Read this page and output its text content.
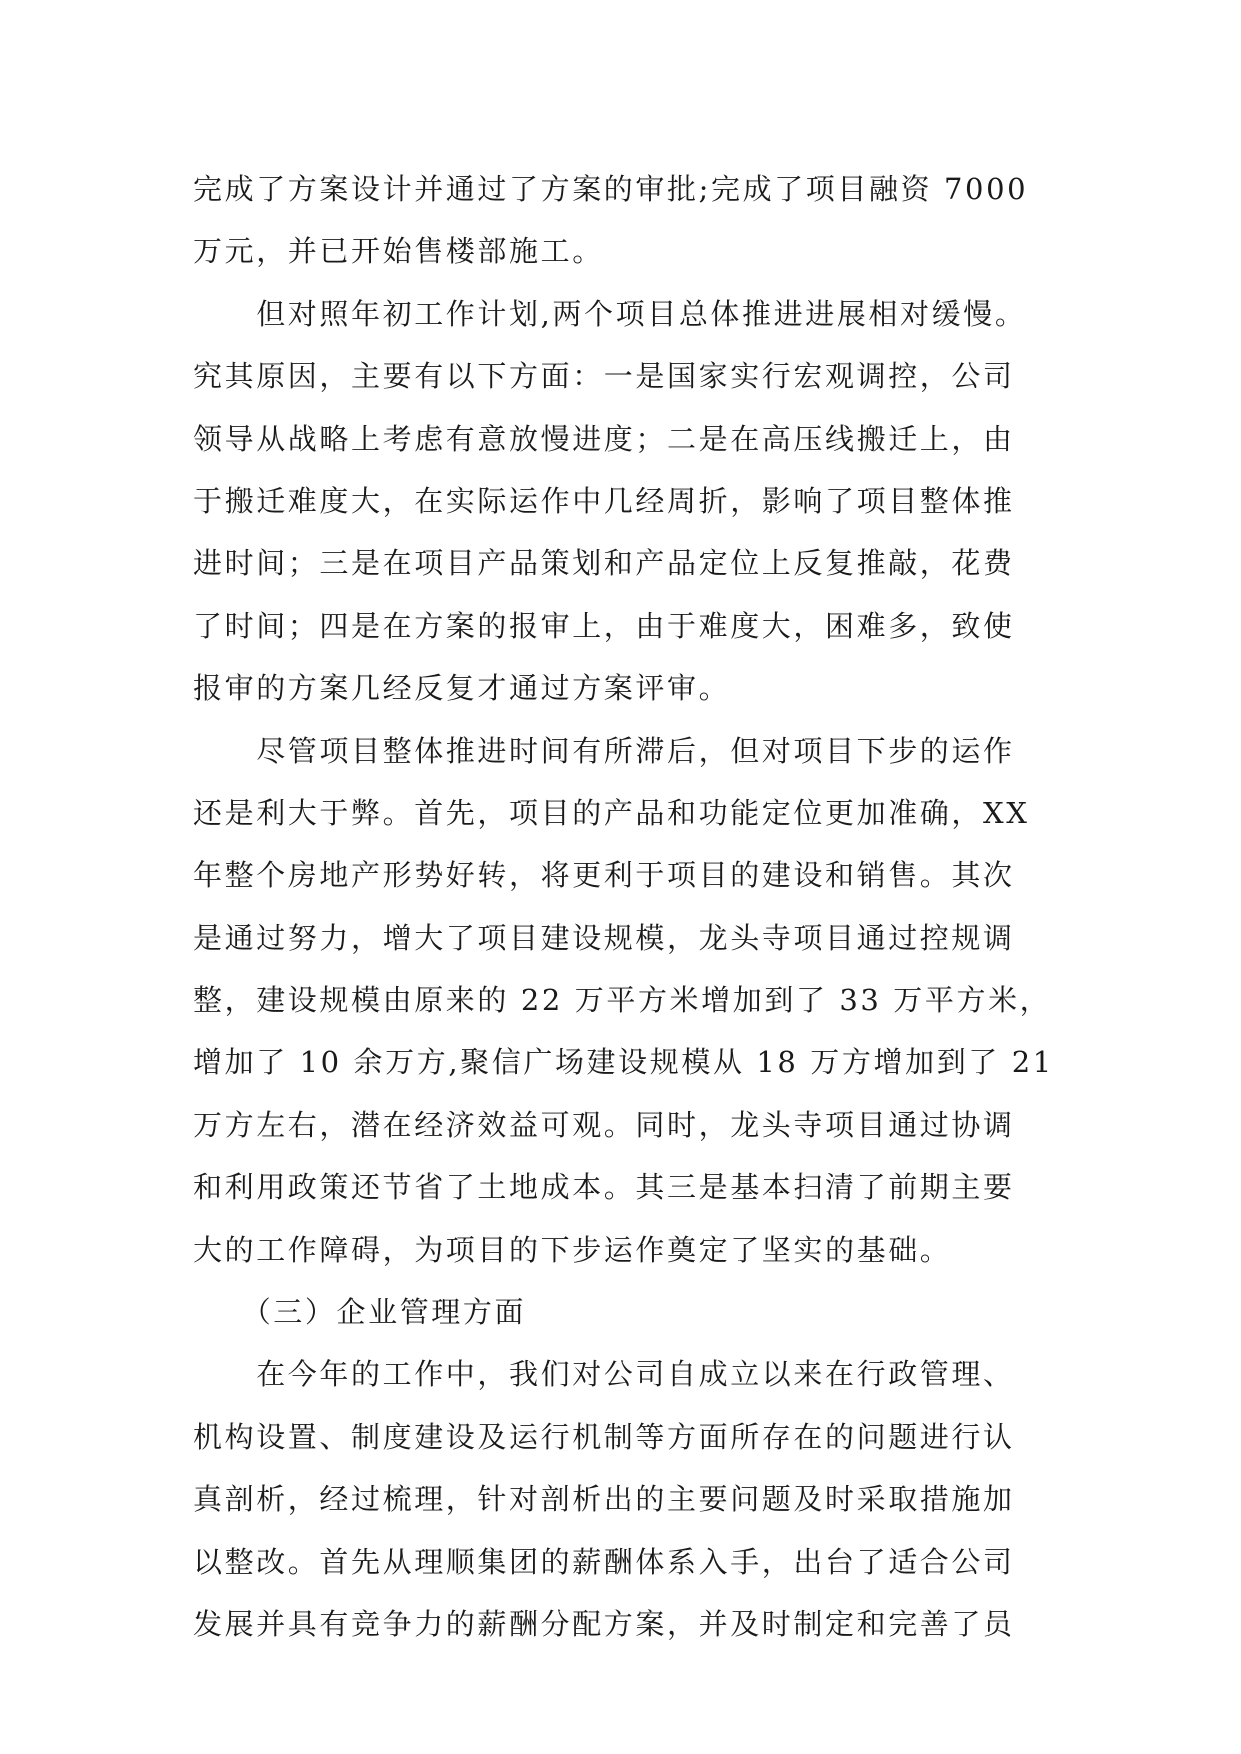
完成了方案设计并通过了方案的审批;完成了项目融资 7000
万元，并已开始售楼部施工。
　　但对照年初工作计划,两个项目总体推进进展相对缓慢。
究其原因，主要有以下方面：一是国家实行宏观调控，公司
领导从战略上考虑有意放慢进度；二是在高压线搬迁上，由
于搬迁难度大，在实际运作中几经周折，影响了项目整体推
进时间；三是在项目产品策划和产品定位上反复推敲，花费
了时间；四是在方案的报审上，由于难度大，困难多，致使
报审的方案几经反复才通过方案评审。
　　尽管项目整体推进时间有所滞后，但对项目下步的运作
还是利大于弊。首先，项目的产品和功能定位更加准确，XX
年整个房地产形势好转，将更利于项目的建设和销售。其次
是通过努力，增大了项目建设规模，龙头寺项目通过控规调
整，建设规模由原来的 22 万平方米增加到了 33 万平方米，
增加了 10 余万方,聚信广场建设规模从 18 万方增加到了 21
万方左右，潜在经济效益可观。同时，龙头寺项目通过协调
和利用政策还节省了土地成本。其三是基本扫清了前期主要
大的工作障碍，为项目的下步运作奠定了坚实的基础。
　　（三）企业管理方面
　　在今年的工作中，我们对公司自成立以来在行政管理、
机构设置、制度建设及运行机制等方面所存在的问题进行认
真剖析，经过梳理，针对剖析出的主要问题及时采取措施加
以整改。首先从理顺集团的薪酬体系入手，出台了适合公司
发展并具有竞争力的薪酬分配方案，并及时制定和完善了员
